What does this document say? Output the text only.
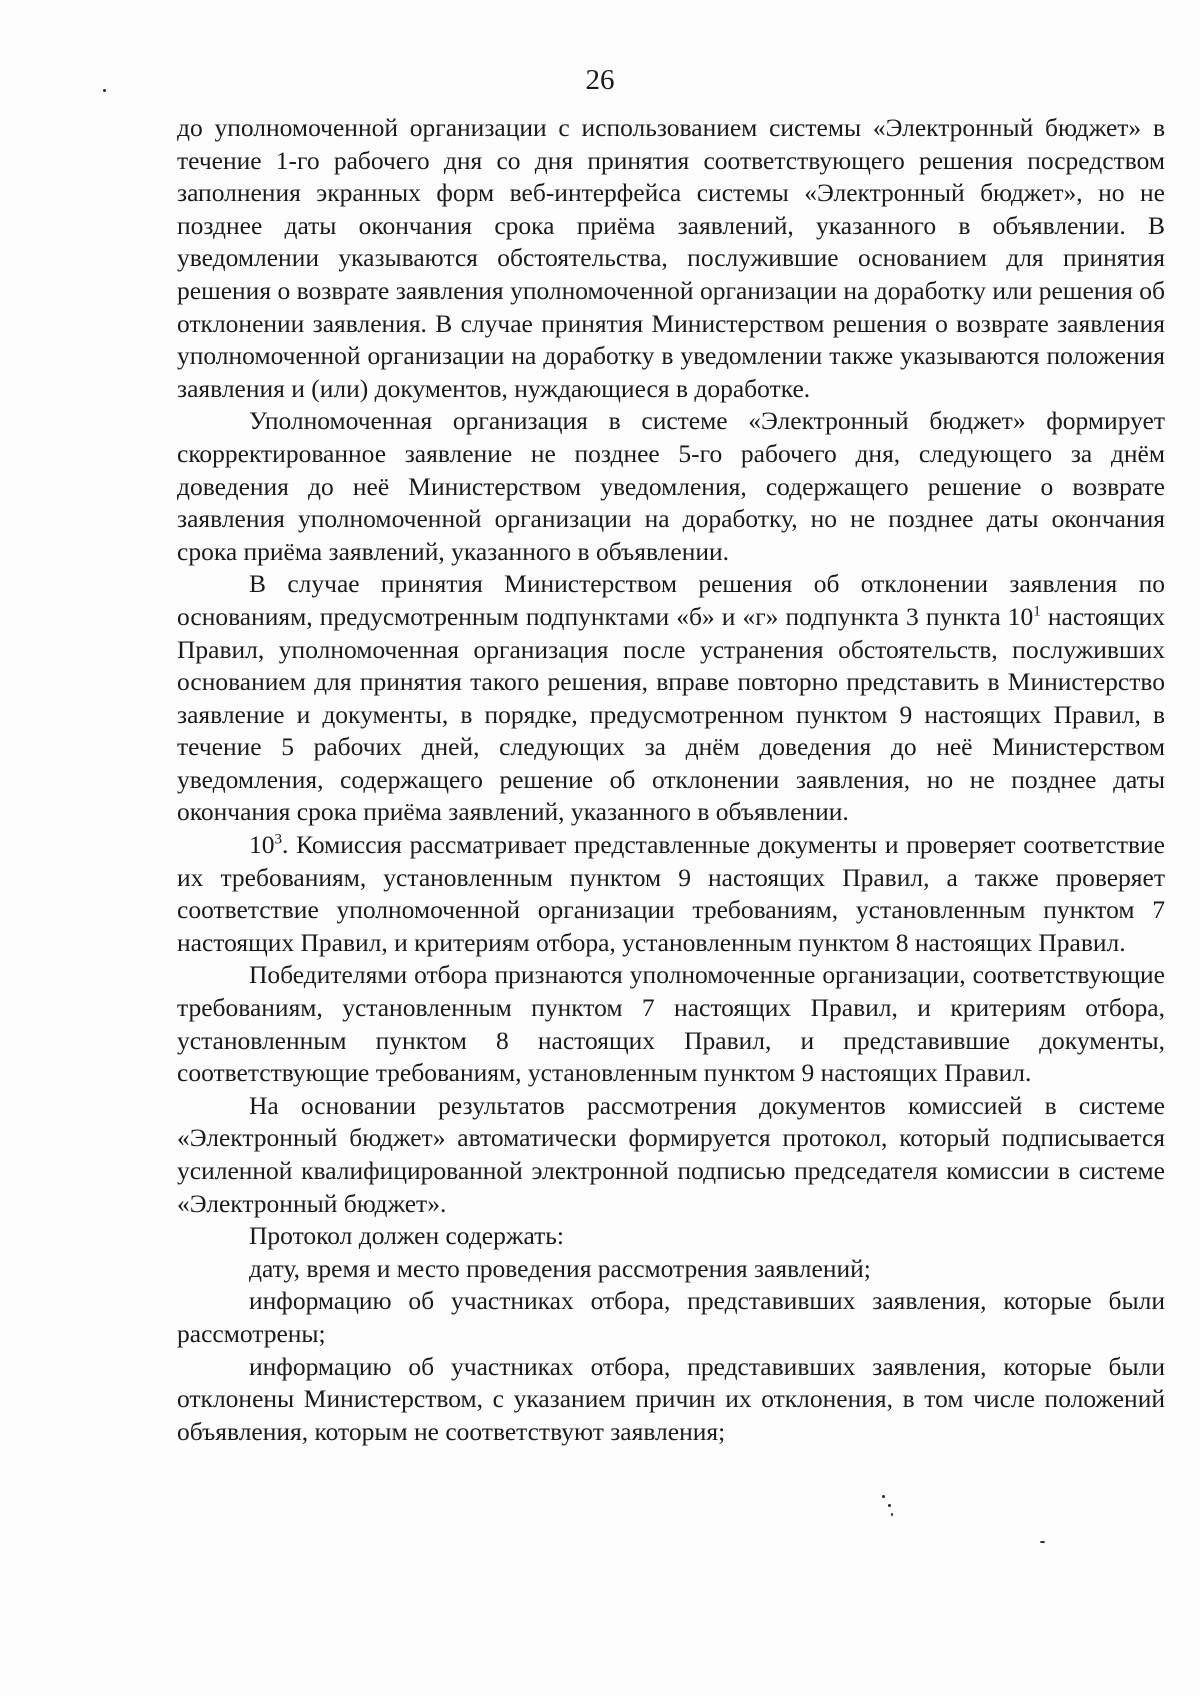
26

до уполномоченной организации с использованием системы «Электронный бюджет» в течение 1-го рабочего дня со дня принятия соответствующего решения посредством заполнения экранных форм веб-интерфейса системы «Электронный бюджет», но не позднее даты окончания срока приёма заявлений, указанного в объявлении. В уведомлении указываются обстоятельства, послужившие основанием для принятия решения о возврате заявления уполномоченной организации на доработку или решения об отклонении заявления. В случае принятия Министерством решения о возврате заявления уполномоченной организации на доработку в уведомлении также указываются положения заявления и (или) документов, нуждающиеся в доработке.

Уполномоченная организация в системе «Электронный бюджет» формирует скорректированное заявление не позднее 5-го рабочего дня, следующего за днём доведения до неё Министерством уведомления, содержащего решение о возврате заявления уполномоченной организации на доработку, но не позднее даты окончания срока приёма заявлений, указанного в объявлении.

В случае принятия Министерством решения об отклонении заявления по основаниям, предусмотренным подпунктами «б» и «г» подпункта 3 пункта $10^1$ настоящих Правил, уполномоченная организация после устранения обстоятельств, послуживших основанием для принятия такого решения, вправе повторно представить в Министерство заявление и документы, в порядке, предусмотренном пунктом 9 настоящих Правил, в течение 5 рабочих дней, следующих за днём доведения до неё Министерством уведомления, содержащего решение об отклонении заявления, но не позднее даты окончания срока приёма заявлений, указанного в объявлении.

$10^3$. Комиссия рассматривает представленные документы и проверяет соответствие их требованиям, установленным пунктом 9 настоящих Правил, а также проверяет соответствие уполномоченной организации требованиям, установленным пунктом 7 настоящих Правил, и критериям отбора, установленным пунктом 8 настоящих Правил.

Победителями отбора признаются уполномоченные организации, соответствующие требованиям, установленным пунктом 7 настоящих Правил, и критериям отбора, установленным пунктом 8 настоящих Правил, и представившие документы, соответствующие требованиям, установленным пунктом 9 настоящих Правил.

На основании результатов рассмотрения документов комиссией в системе «Электронный бюджет» автоматически формируется протокол, который подписывается усиленной квалифицированной электронной подписью председателя комиссии в системе «Электронный бюджет».

Протокол должен содержать:

дату, время и место проведения рассмотрения заявлений;

информацию об участниках отбора, представивших заявления, которые были рассмотрены;

информацию об участниках отбора, представивших заявления, которые были отклонены Министерством, с указанием причин их отклонения, в том числе положений объявления, которым не соответствуют заявления;
